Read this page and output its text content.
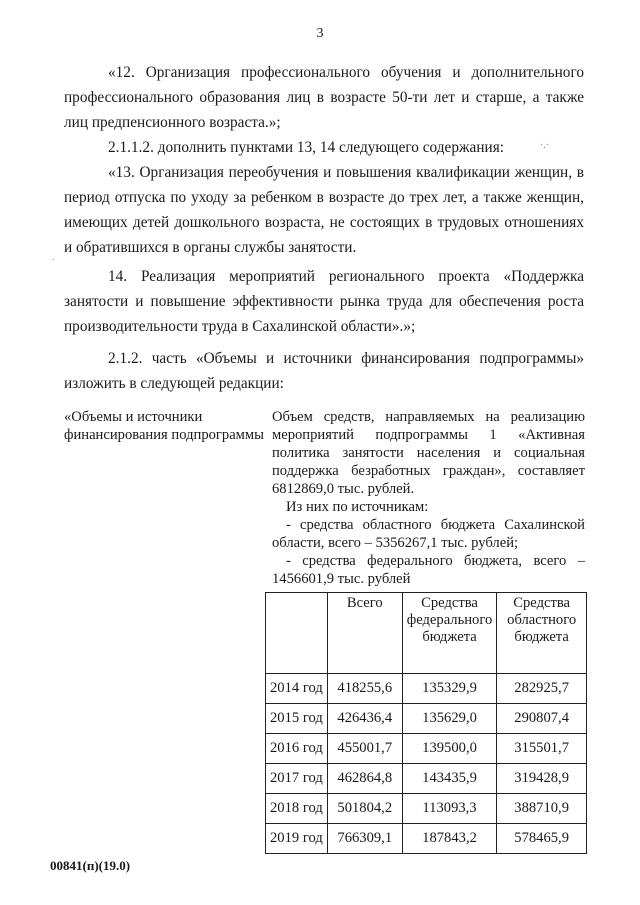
3
«12. Организация профессионального обучения и дополнительного профессионального образования лиц в возрасте 50-ти лет и старше, а также лиц предпенсионного возраста.»;
2.1.1.2. дополнить пунктами 13, 14 следующего содержания:
«13. Организация переобучения и повышения квалификации женщин, в период отпуска по уходу за ребенком в возрасте до трех лет, а также женщин, имеющих детей дошкольного возраста, не состоящих в трудовых отношениях и обратившихся в органы службы занятости.
14. Реализация мероприятий регионального проекта «Поддержка занятости и повышение эффективности рынка труда для обеспечения роста производительности труда в Сахалинской области».»;
2.1.2. часть «Объемы и источники финансирования подпрограммы» изложить в следующей редакции:
«Объемы и источники финансирования подпрограммы

Объем средств, направляемых на реализацию мероприятий подпрограммы 1 «Активная политика занятости населения и социальная поддержка безработных граждан», составляет 6812869,0 тыс. рублей.

Из них по источникам:

- средства областного бюджета Сахалинской области, всего – 5356267,1 тыс. рублей;

- средства федерального бюджета, всего – 1456601,9 тыс. рублей

	Всего	Средства федерального бюджета	Средства областного бюджета
2014 год	418255,6	135329,9	282925,7
2015 год	426436,4	135629,0	290807,4
2016 год	455001,7	139500,0	315501,7
2017 год	462864,8	143435,9	319428,9
2018 год	501804,2	113093,3	388710,9
2019 год	766309,1	187843,2	578465,9
00841(п)(19.0)
·.·
.
